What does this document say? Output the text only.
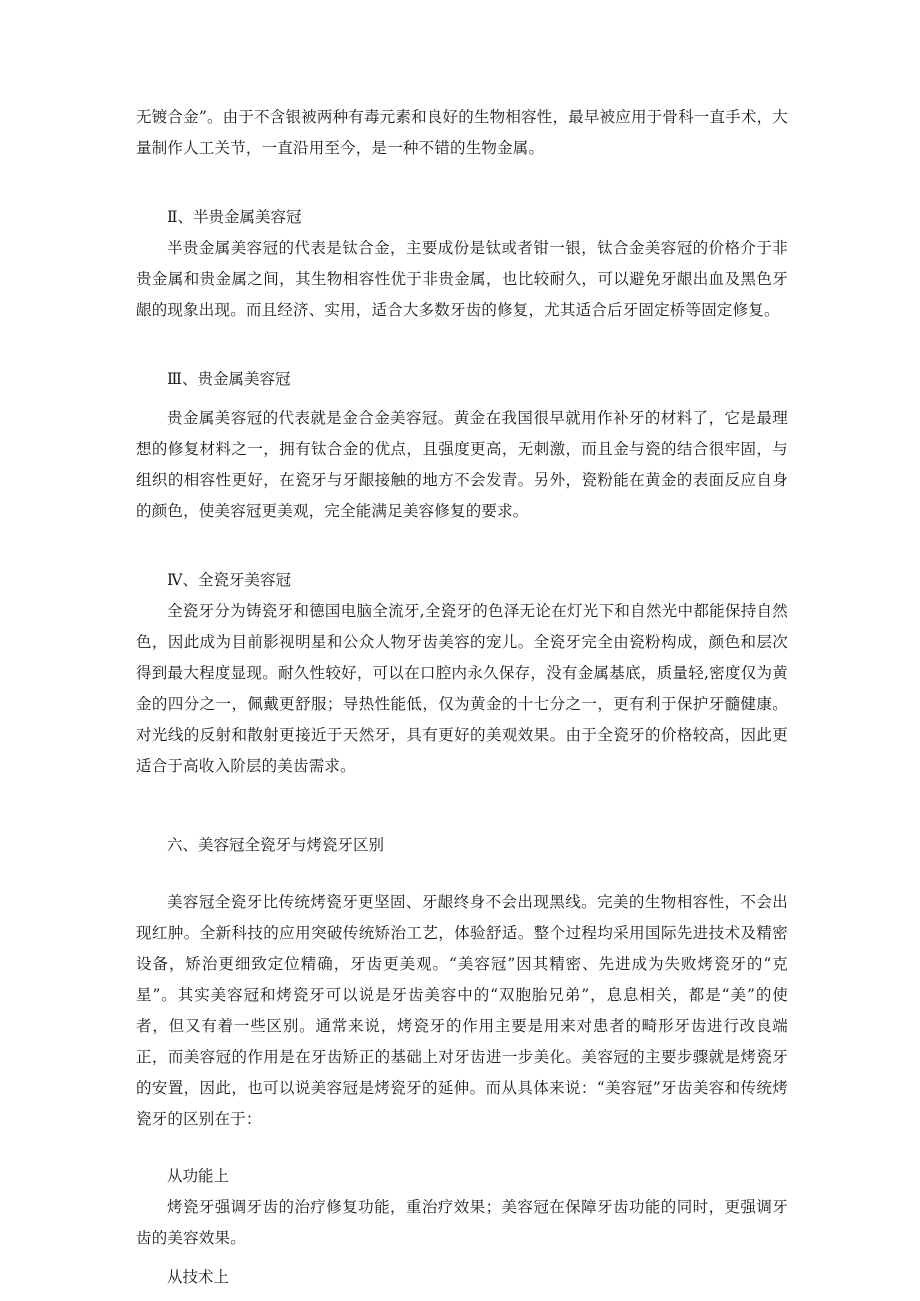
无镀合金”。由于不含银被两种有毒元素和良好的生物相容性，最早被应用于骨科一直手术，大量制作人工关节，一直沿用至今，是一种不错的生物金属。

Ⅱ、半贵金属美容冠

半贵金属美容冠的代表是钛合金，主要成份是钛或者钳一银，钛合金美容冠的价格介于非贵金属和贵金属之间，其生物相容性优于非贵金属，也比较耐久，可以避免牙龈出血及黑色牙龈的现象出现。而且经济、实用，适合大多数牙齿的修复，尤其适合后牙固定桥等固定修复。

Ⅲ、贵金属美容冠

贵金属美容冠的代表就是金合金美容冠。黄金在我国很早就用作补牙的材料了，它是最理想的修复材料之一，拥有钛合金的优点，且强度更高，无刺激，而且金与瓷的结合很牢固，与组织的相容性更好，在瓷牙与牙龈接触的地方不会发青。另外，瓷粉能在黄金的表面反应自身的颜色，使美容冠更美观，完全能满足美容修复的要求。

Ⅳ、全瓷牙美容冠

全瓷牙分为铸瓷牙和德国电脑全流牙,全瓷牙的色泽无论在灯光下和自然光中都能保持自然色，因此成为目前影视明星和公众人物牙齿美容的宠儿。全瓷牙完全由瓷粉构成，颜色和层次得到最大程度显现。耐久性较好，可以在口腔内永久保存，没有金属基底，质量轻,密度仅为黄金的四分之一，佩戴更舒服；导热性能低，仅为黄金的十七分之一，更有利于保护牙髓健康。对光线的反射和散射更接近于天然牙，具有更好的美观效果。由于全瓷牙的价格较高，因此更适合于高收入阶层的美齿需求。

六、美容冠全瓷牙与烤瓷牙区别

美容冠全瓷牙比传统烤瓷牙更坚固、牙龈终身不会出现黑线。完美的生物相容性，不会出现红肿。全新科技的应用突破传统矫治工艺，体验舒适。整个过程均采用国际先进技术及精密设备，矫治更细致定位精确，牙齿更美观。“美容冠”因其精密、先进成为失败烤瓷牙的“克星”。其实美容冠和烤瓷牙可以说是牙齿美容中的“双胞胎兄弟”，息息相关，都是“美”的使者，但又有着一些区别。通常来说，烤瓷牙的作用主要是用来对患者的畸形牙齿进行改良端正，而美容冠的作用是在牙齿矫正的基础上对牙齿进一步美化。美容冠的主要步骤就是烤瓷牙的安置，因此，也可以说美容冠是烤瓷牙的延伸。而从具体来说：“美容冠”牙齿美容和传统烤瓷牙的区别在于：

从功能上

烤瓷牙强调牙齿的治疗修复功能，重治疗效果；美容冠在保障牙齿功能的同时，更强调牙齿的美容效果。

从技术上
